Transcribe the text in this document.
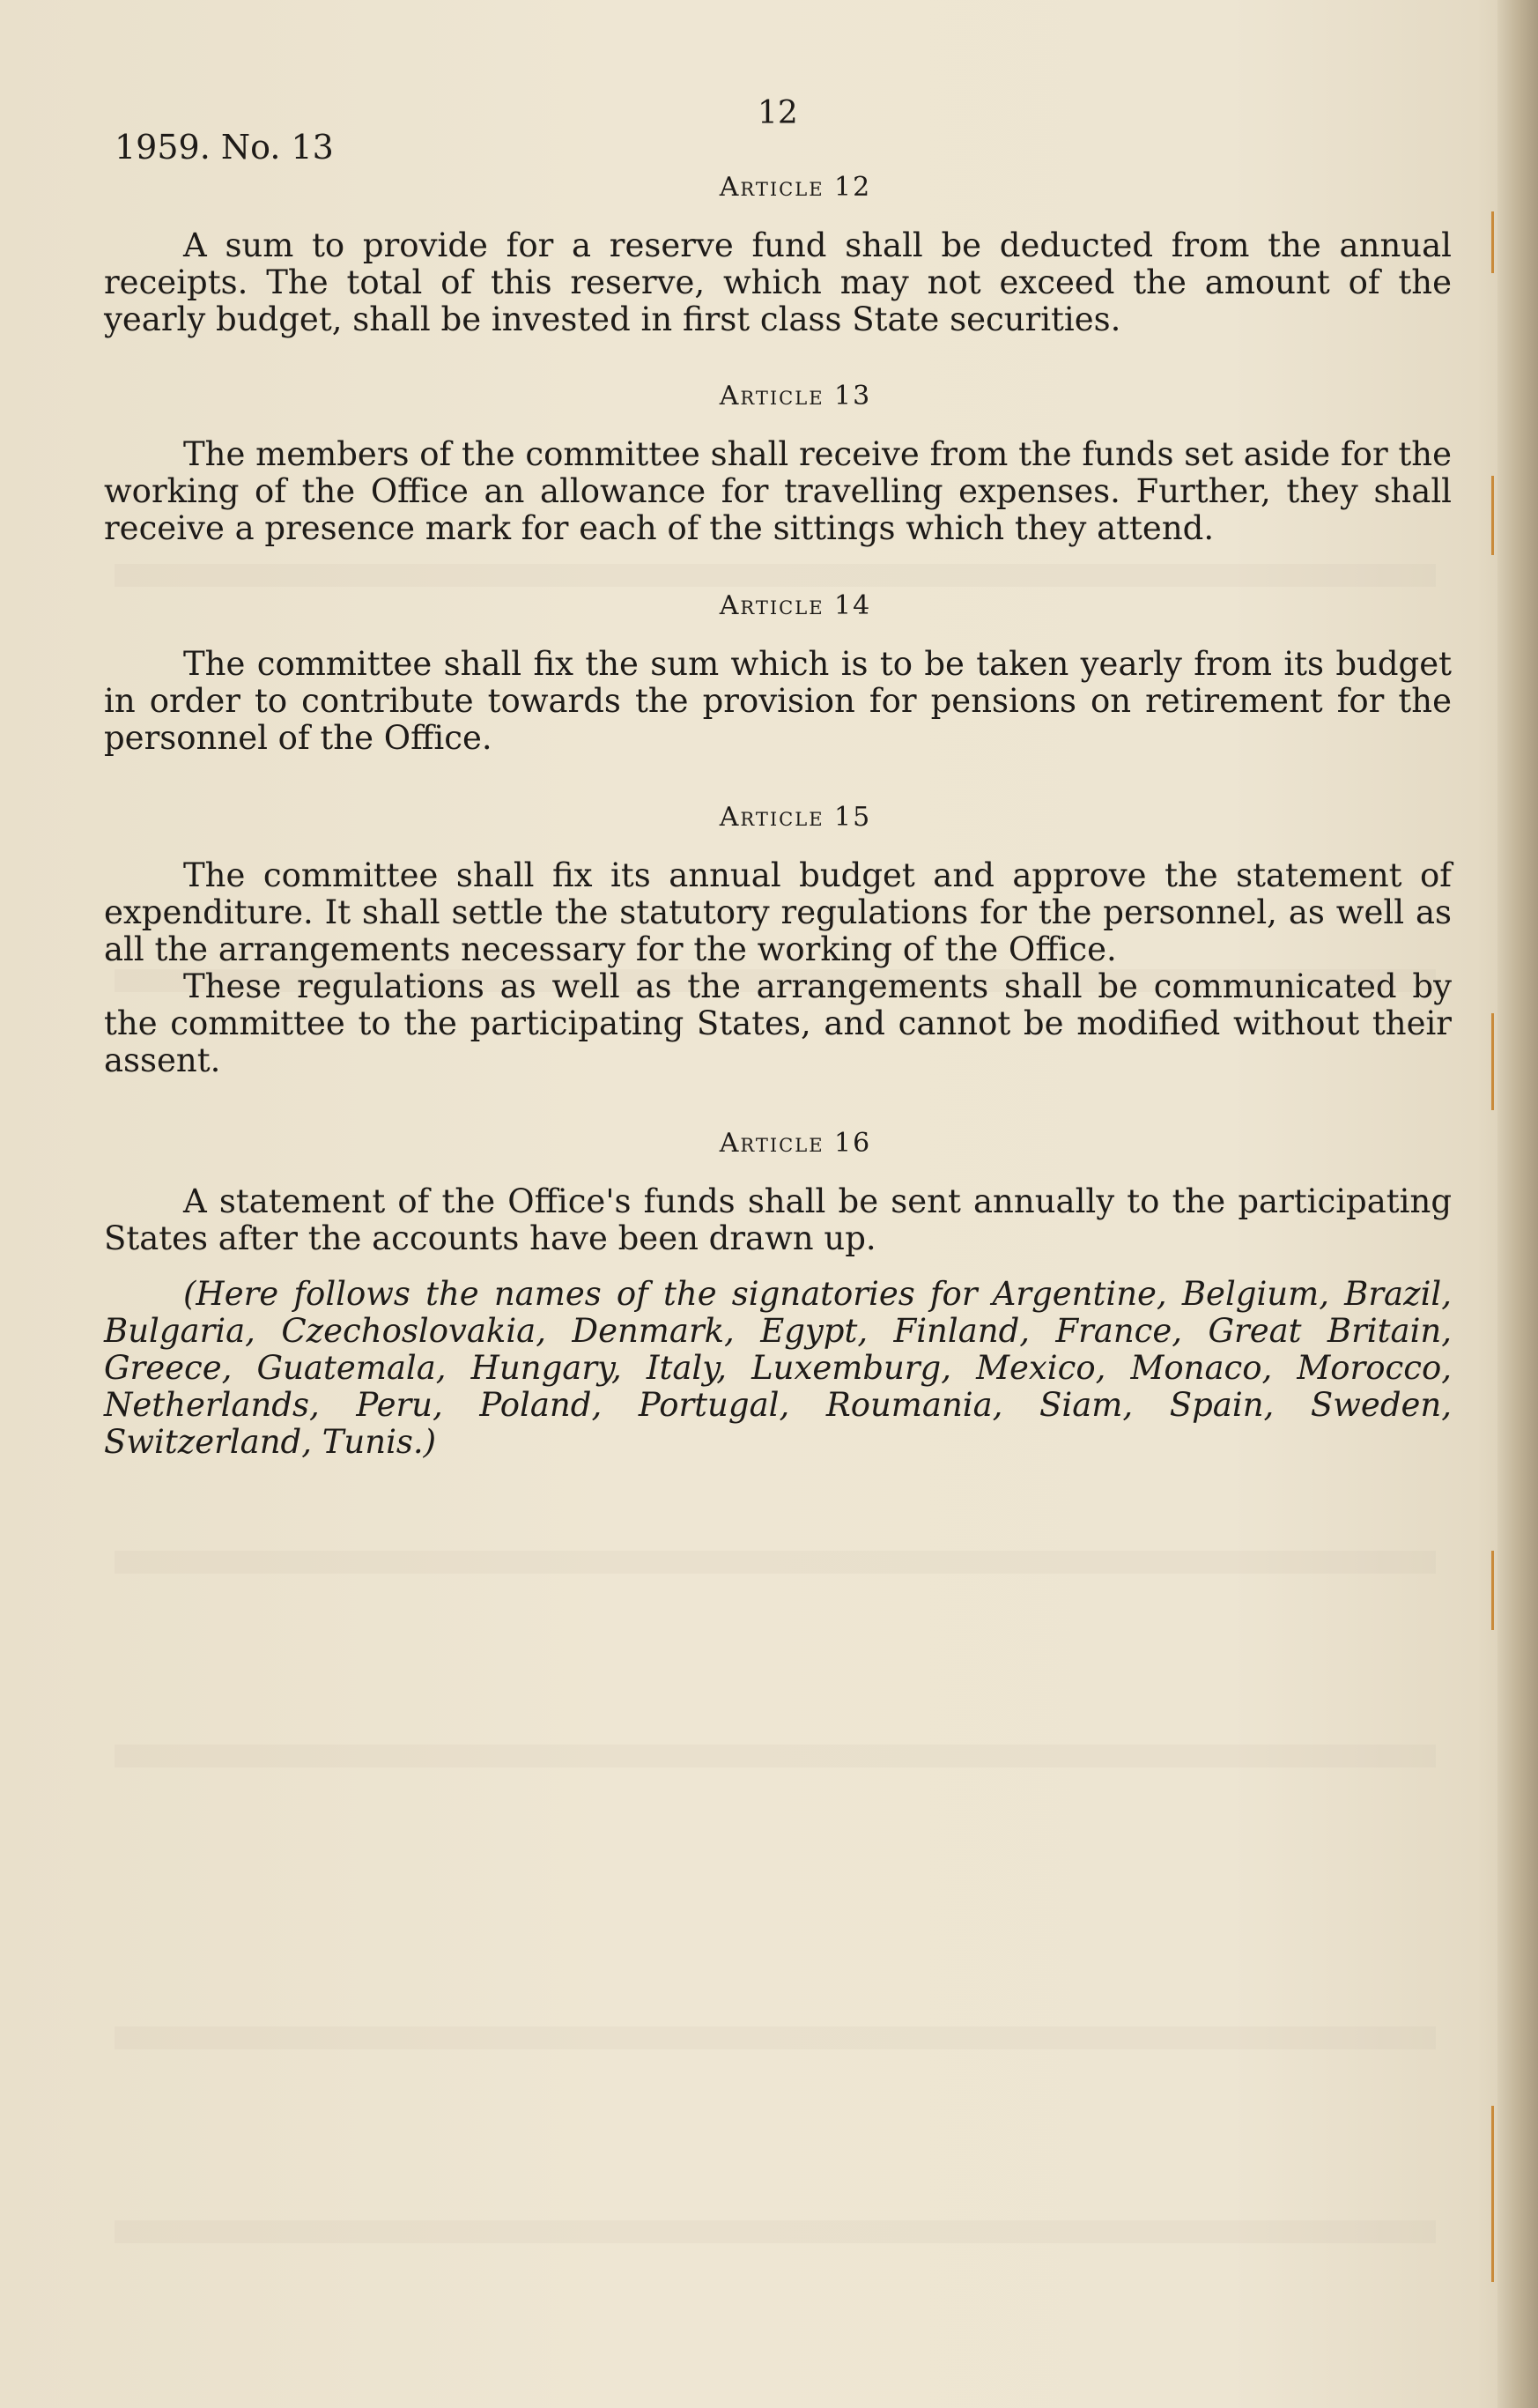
1959. No. 13
12
Article 12

A sum to provide for a reserve fund shall be deducted from the annual receipts. The total of this reserve, which may not exceed the amount of the yearly budget, shall be invested in first class State securities.

Article 13

The members of the committee shall receive from the funds set aside for the working of the Office an allowance for travelling expenses. Further, they shall receive a presence mark for each of the sittings which they attend.

Article 14

The committee shall fix the sum which is to be taken yearly from its budget in order to contribute towards the provision for pensions on retirement for the personnel of the Office.

Article 15

The committee shall fix its annual budget and approve the statement of expenditure. It shall settle the statutory regulations for the personnel, as well as all the arrangements necessary for the working of the Office.

These regulations as well as the arrangements shall be communicated by the committee to the participating States, and cannot be modified without their assent.

Article 16

A statement of the Office's funds shall be sent annually to the participating States after the accounts have been drawn up.

(Here follows the names of the signatories for Argentine, Belgium, Brazil, Bulgaria, Czechoslovakia, Denmark, Egypt, Finland, France, Great Britain, Greece, Guatemala, Hungary, Italy, Luxemburg, Mexico, Monaco, Morocco, Netherlands, Peru, Poland, Portugal, Roumania, Siam, Spain, Sweden, Switzerland, Tunis.)
